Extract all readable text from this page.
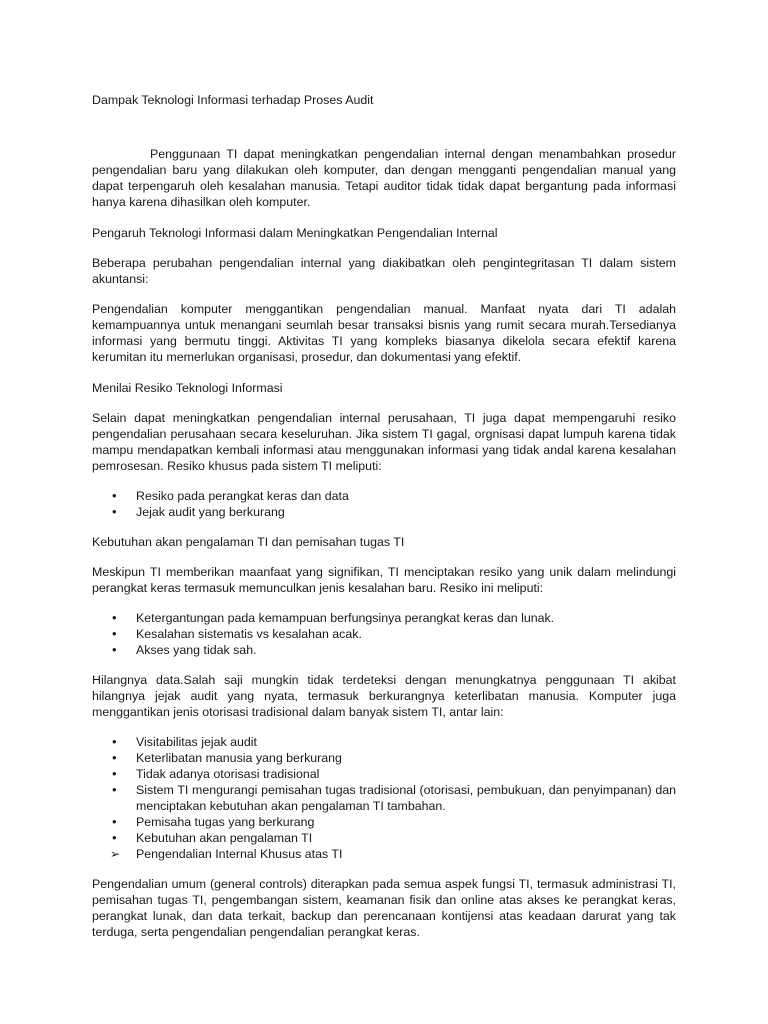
Dampak Teknologi Informasi terhadap Proses Audit

Penggunaan TI dapat meningkatkan pengendalian internal dengan menambahkan prosedur pengendalian baru yang dilakukan oleh komputer, dan dengan mengganti pengendalian manual yang dapat terpengaruh oleh kesalahan manusia. Tetapi auditor tidak tidak dapat bergantung pada informasi hanya karena dihasilkan oleh komputer.

Pengaruh Teknologi Informasi dalam Meningkatkan Pengendalian Internal

Beberapa perubahan pengendalian internal yang diakibatkan oleh pengintegritasan TI dalam sistem akuntansi:

Pengendalian komputer menggantikan pengendalian manual. Manfaat nyata dari TI adalah kemampuannya untuk menangani seumlah besar transaksi bisnis yang rumit secara murah.Tersedianya informasi yang bermutu tinggi. Aktivitas TI yang kompleks biasanya dikelola secara efektif karena kerumitan itu memerlukan organisasi, prosedur, dan dokumentasi yang efektif.

Menilai Resiko Teknologi Informasi

Selain dapat meningkatkan pengendalian internal perusahaan, TI juga dapat mempengaruhi resiko pengendalian perusahaan secara keseluruhan. Jika sistem TI gagal, orgnisasi dapat lumpuh karena tidak mampu mendapatkan kembali informasi atau menggunakan informasi yang tidak andal karena kesalahan pemrosesan. Resiko khusus pada sistem TI meliputi:

•	Resiko pada perangkat keras dan data
•	Jejak audit yang berkurang

Kebutuhan akan pengalaman TI dan pemisahan tugas TI

Meskipun TI memberikan maanfaat yang signifikan, TI menciptakan resiko yang unik dalam melindungi perangkat keras termasuk memunculkan jenis kesalahan baru. Resiko ini meliputi:

•	Ketergantungan pada kemampuan berfungsinya perangkat keras dan lunak.
•	Kesalahan sistematis vs kesalahan acak.
•	Akses yang tidak sah.

Hilangnya data.Salah saji mungkin tidak terdeteksi dengan menungkatnya penggunaan TI akibat hilangnya jejak audit yang nyata, termasuk berkurangnya keterlibatan manusia. Komputer juga menggantikan jenis otorisasi tradisional dalam banyak sistem TI, antar lain:

•	Visitabilitas jejak audit
•	Keterlibatan manusia yang berkurang
•	Tidak adanya otorisasi tradisional
•	Sistem TI mengurangi pemisahan tugas tradisional (otorisasi, pembukuan, dan penyimpanan) dan menciptakan kebutuhan akan pengalaman TI tambahan.
•	Pemisaha tugas yang berkurang
•	Kebutuhan akan pengalaman TI
➢	Pengendalian Internal Khusus atas TI

Pengendalian umum (general controls) diterapkan pada semua aspek fungsi TI, termasuk administrasi TI, pemisahan tugas TI, pengembangan sistem, keamanan fisik dan online atas akses ke perangkat keras, perangkat lunak, dan data terkait, backup dan perencanaan kontijensi atas keadaan darurat yang tak terduga, serta pengendalian pengendalian perangkat keras.
